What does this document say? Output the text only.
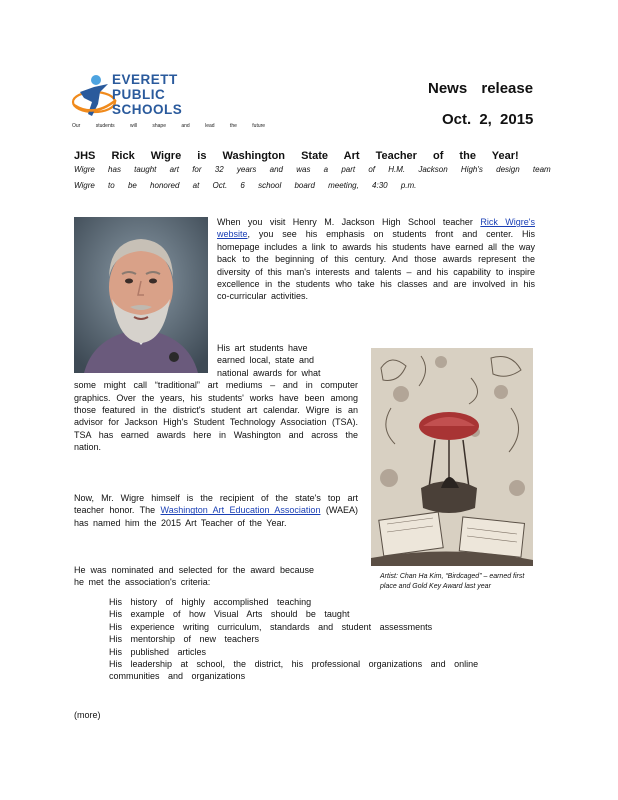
EVERETT
PUBLIC
SCHOOLS
Our students will shape and lead the future
News release
Oct. 2, 2015
JHS Rick Wigre is Washington State Art Teacher of the Year!
Wigre has taught art for 32 years and was a part of H.M. Jackson High's design team
Wigre to be honored at Oct. 6 school board meeting, 4:30 p.m.
Artist: Chan Ha Kim, “Birdcaged” – earned first place and Gold Key Award last year
When you visit Henry M. Jackson High School teacher Rick Wigre's website, you see his emphasis on students front and center. His homepage includes a link to awards his students have earned all the way back to the beginning of this century. And those awards represent the diversity of this man's interests and talents – and his capability to inspire excellence in the students who take his classes and are involved in his co-curricular activities.
His art students have
earned local, state and
national awards for what
some might call “traditional” art mediums – and in computer graphics. Over the years, his students' works have been among those featured in the district's student art calendar. Wigre is an advisor for Jackson High's Student Technology Association (TSA). TSA has earned awards here in Washington and across the nation.
Now, Mr. Wigre himself is the recipient of the state's top art teacher honor. The Washington Art Education Association (WAEA) has named him the 2015 Art Teacher of the Year.
He was nominated and selected for the award because he met the association's criteria:
His history of highly accomplished teaching
His example of how Visual Arts should be taught
His experience writing curriculum, standards and student assessments
His mentorship of new teachers
His published articles
His leadership at school, the district, his professional organizations and online communities and organizations
(more)
